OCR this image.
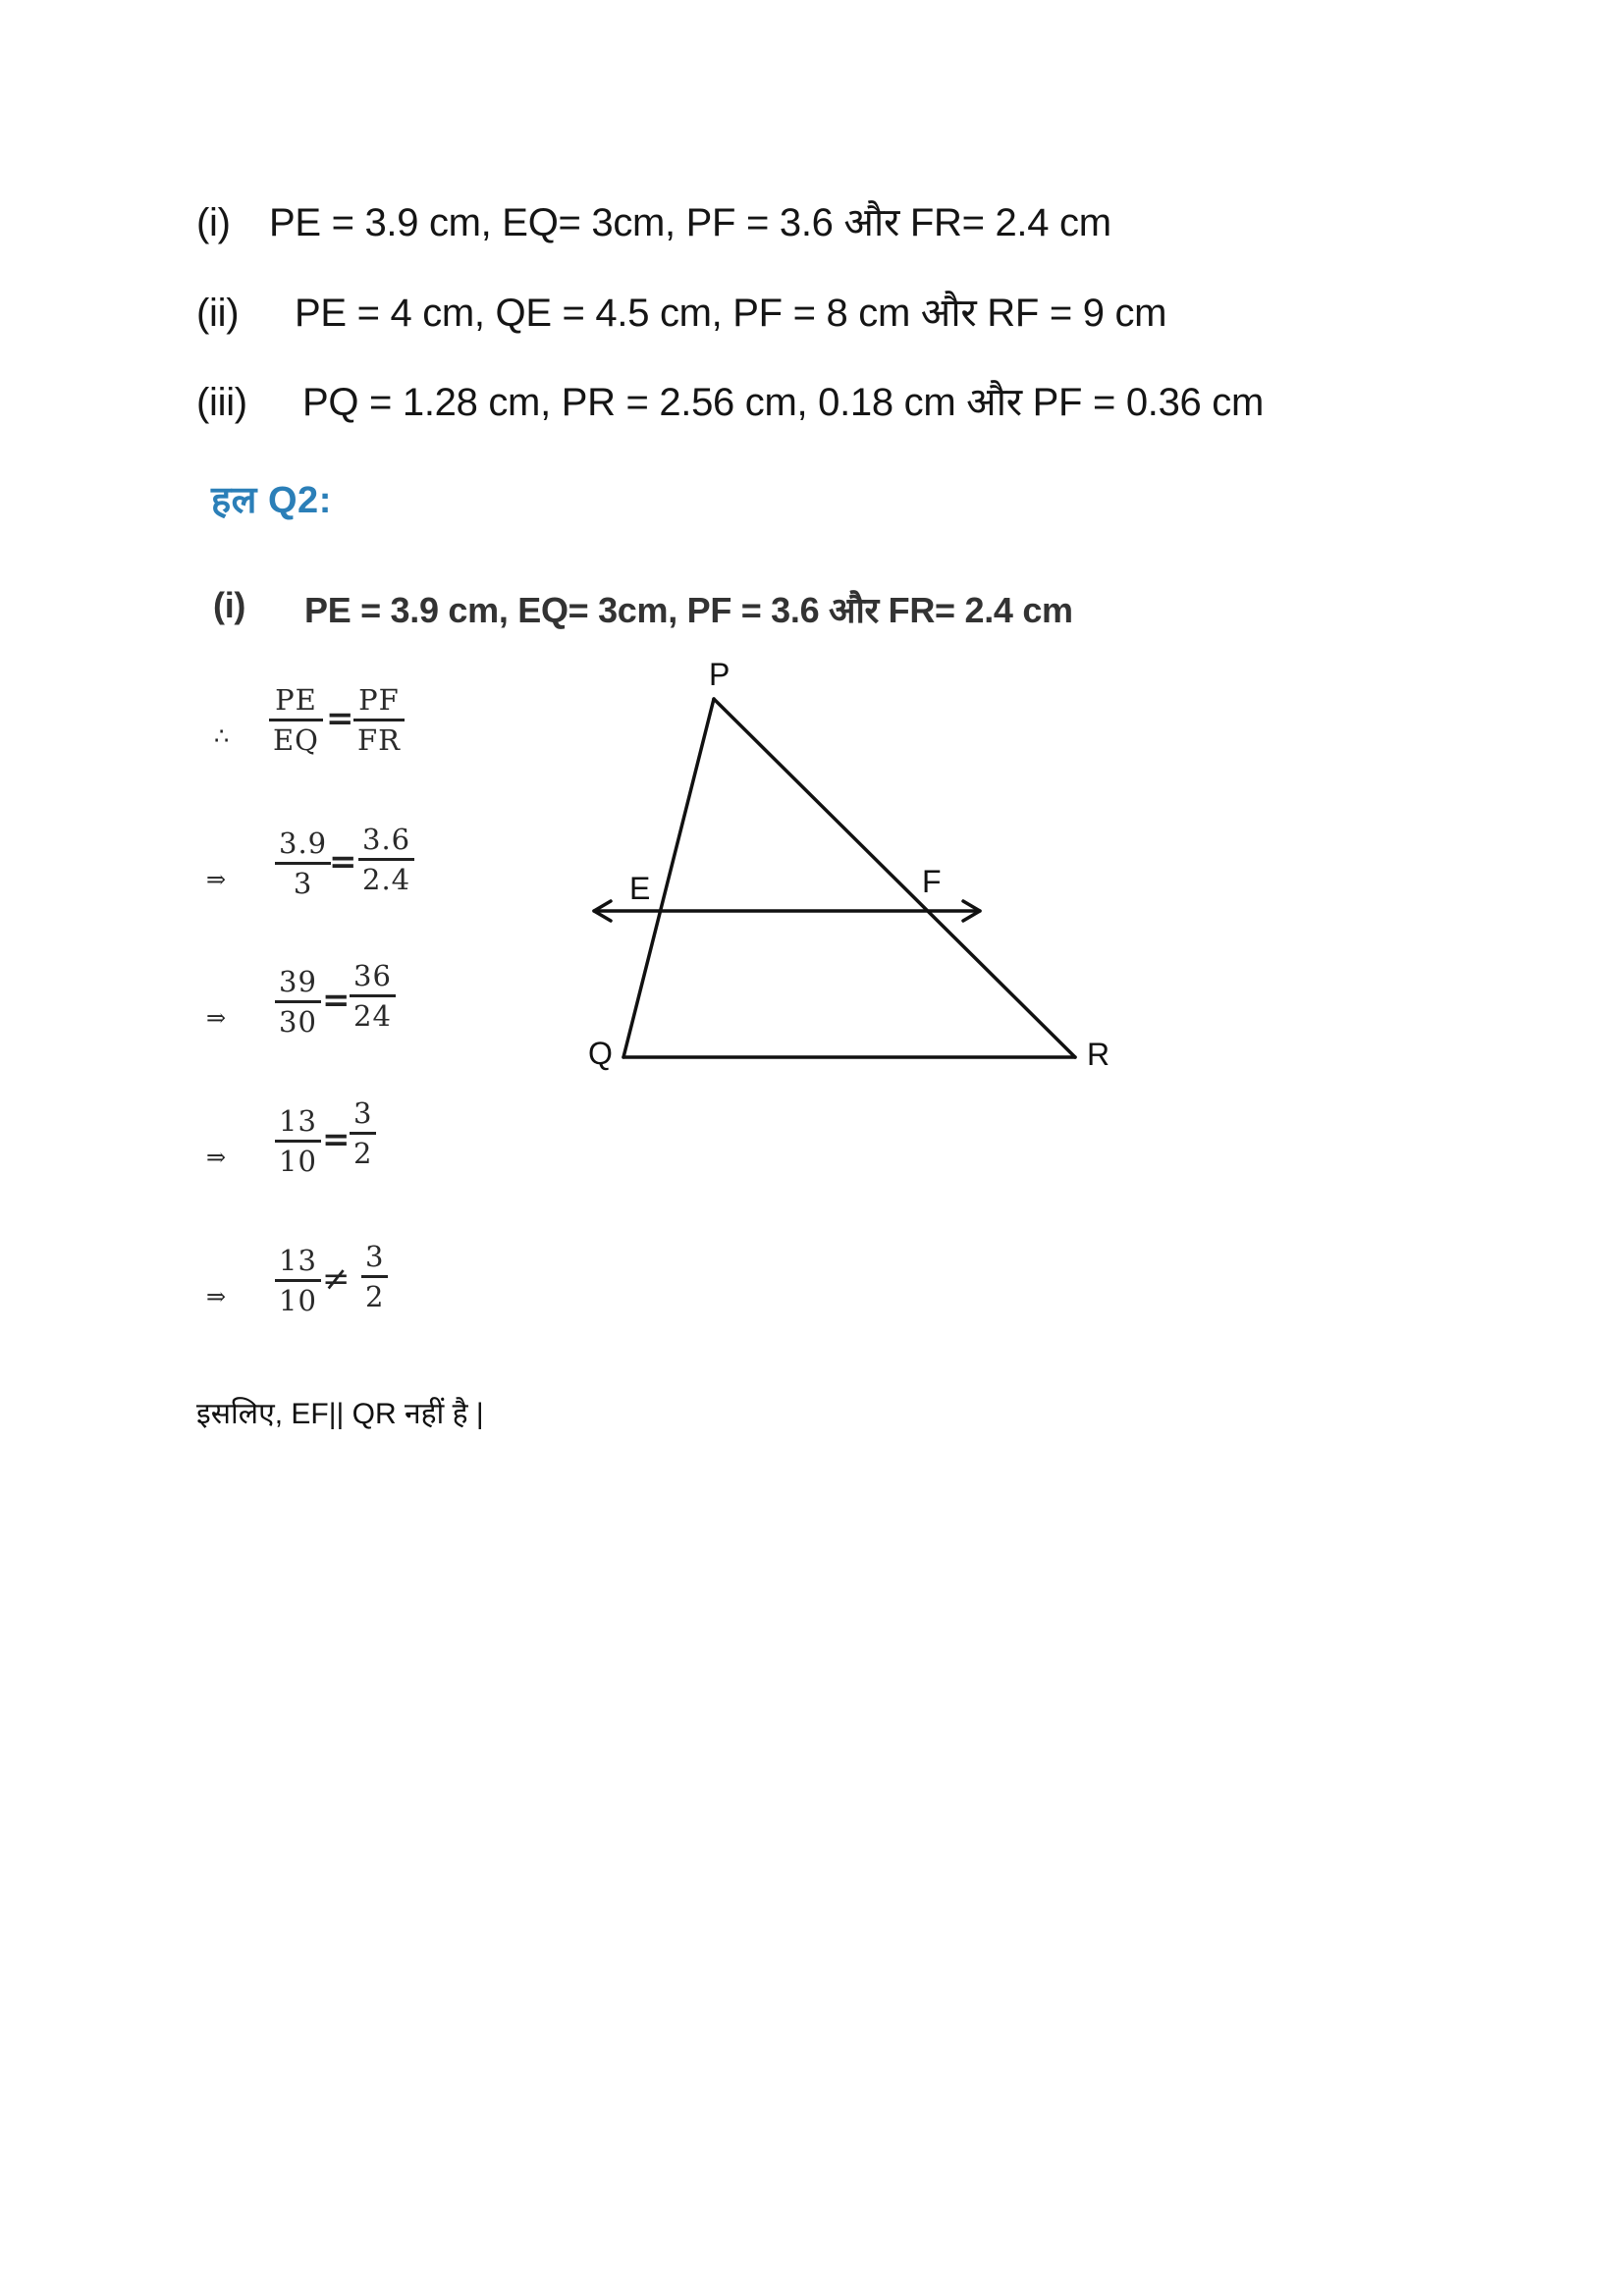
(i) PE = 3.9 cm, EQ= 3cm, PF = 3.6 और FR= 2.4 cm
(ii) PE = 4 cm, QE = 4.5 cm, PF = 8 cm और RF = 9 cm
(iii) PQ = 1.28 cm, PR = 2.56 cm, 0.18 cm और PF = 0.36 cm
हल Q2:
(i) PE = 3.9 cm, EQ= 3cm, PF = 3.6 और FR= 2.4 cm
∴ $\frac{PE}{EQ} = \frac{PF}{FR}$
⇒ $\frac{3.9}{3}$
= $\frac{3.6}{2.4}$
⇒ $\frac{39}{30} = \frac{36}{24}$
⇒ $\frac{13}{10} = \frac{3}{2}$
⇒ $\frac{13}{10} \ne \frac{3}{2}$
इसलिए, EF|| QR नहीं है |
P
Q	R
E	F
